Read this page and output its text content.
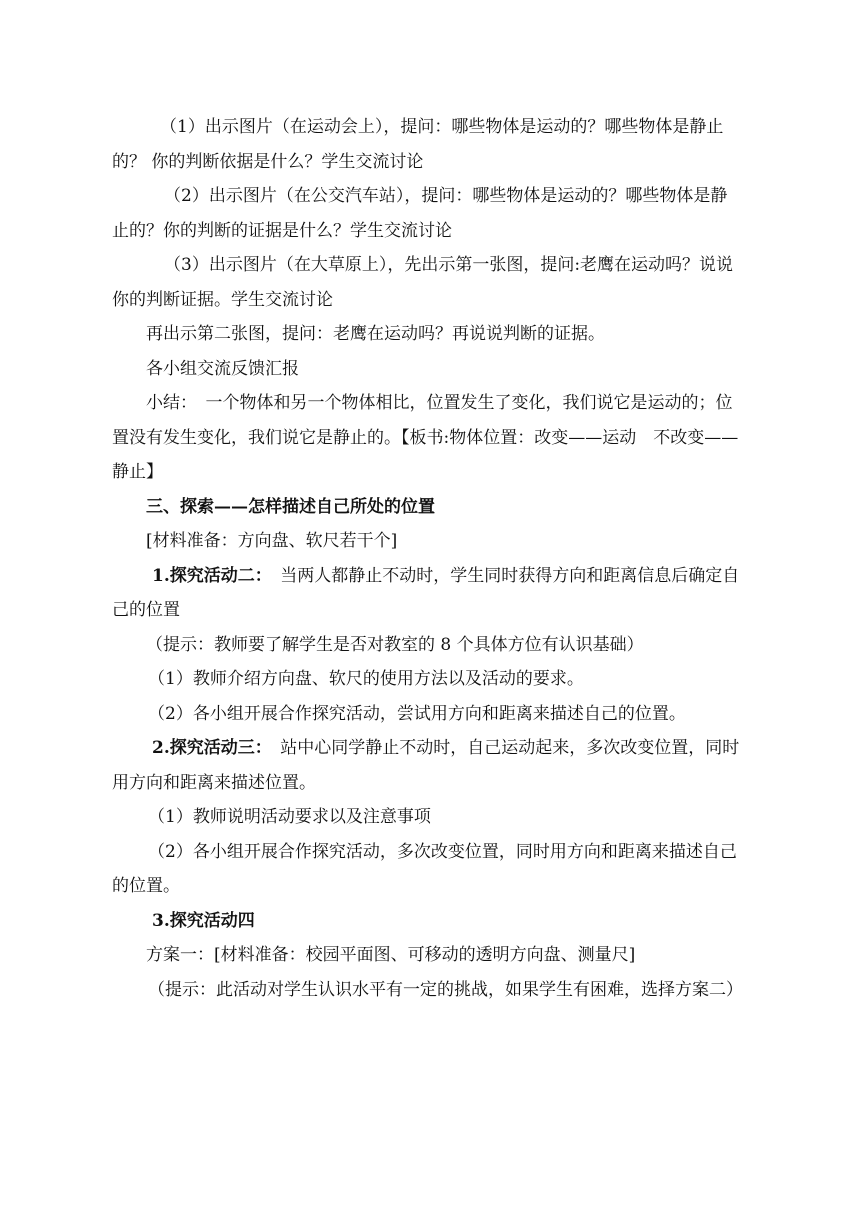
（1）出示图片（在运动会上），提问：哪些物体是运动的？哪些物体是静止的？ 你的判断依据是什么？学生交流讨论

（2）出示图片（在公交汽车站），提问：哪些物体是运动的？哪些物体是静止的？你的判断的证据是什么？学生交流讨论

（3）出示图片（在大草原上），先出示第一张图，提问:老鹰在运动吗？说说你的判断证据。学生交流讨论

再出示第二张图，提问：老鹰在运动吗？再说说判断的证据。

各小组交流反馈汇报

小结：　一个物体和另一个物体相比，位置发生了变化，我们说它是运动的；位置没有发生变化，我们说它是静止的。【板书:物体位置：改变——运动　不改变——静止】

三、探索——怎样描述自己所处的位置

[材料准备：方向盘、软尺若干个]

1.探究活动二：　当两人都静止不动时，学生同时获得方向和距离信息后确定自己的位置

（提示：教师要了解学生是否对教室的 8 个具体方位有认识基础）

（1）教师介绍方向盘、软尺的使用方法以及活动的要求。

（2）各小组开展合作探究活动，尝试用方向和距离来描述自己的位置。

2.探究活动三：　站中心同学静止不动时，自己运动起来，多次改变位置，同时用方向和距离来描述位置。

（1）教师说明活动要求以及注意事项

（2）各小组开展合作探究活动，多次改变位置，同时用方向和距离来描述自己的位置。

3.探究活动四

方案一：[材料准备：校园平面图、可移动的透明方向盘、测量尺]

（提示：此活动对学生认识水平有一定的挑战，如果学生有困难，选择方案二）
